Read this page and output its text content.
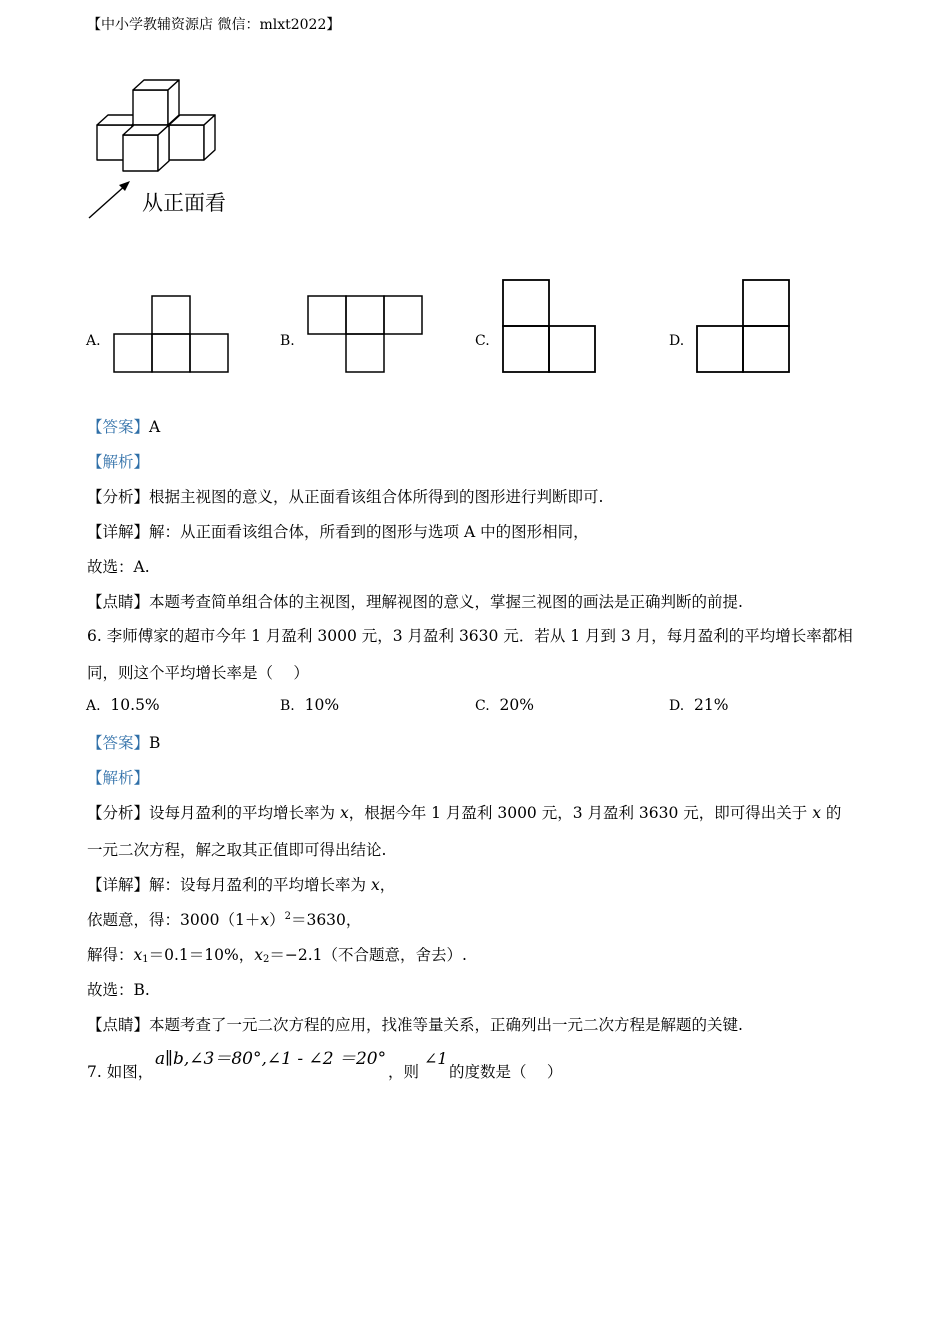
【中小学教辅资源店 微信：mlxt2022】
从正面看
A.	B.	C.	D.
【答案】A
【解析】
【分析】根据主视图的意义，从正面看该组合体所得到的图形进行判断即可.
【详解】解：从正面看该组合体，所看到的图形与选项 A 中的图形相同，
故选：A.
【点睛】本题考查简单组合体的主视图，理解视图的意义，掌握三视图的画法是正确判断的前提.
6. 李师傅家的超市今年 1 月盈利 3000 元，3 月盈利 3630 元．若从 1 月到 3 月，每月盈利的平均增长率都相
同，则这个平均增长率是（　 ）
A. 10.5%	B. 10%	C. 20%	D. 21%
【答案】B
【解析】
【分析】设每月盈利的平均增长率为 x，根据今年 1 月盈利 3000 元，3 月盈利 3630 元，即可得出关于 x 的
一元二次方程，解之取其正值即可得出结论.
【详解】解：设每月盈利的平均增长率为 x，
依题意，得：$3000(1+x)^2=3630$，
解得：$x_1=0.1=10\%$，$x_2=-2.1$（不合题意，舍去）.
故选：B.
【点睛】本题考查了一元二次方程的应用，找准等量关系，正确列出一元二次方程是解题的关键.
7. 如图，
a∥b,∠3＝80°,∠1 - ∠2 ＝20°
，则
∠1
的度数是（　 ）
